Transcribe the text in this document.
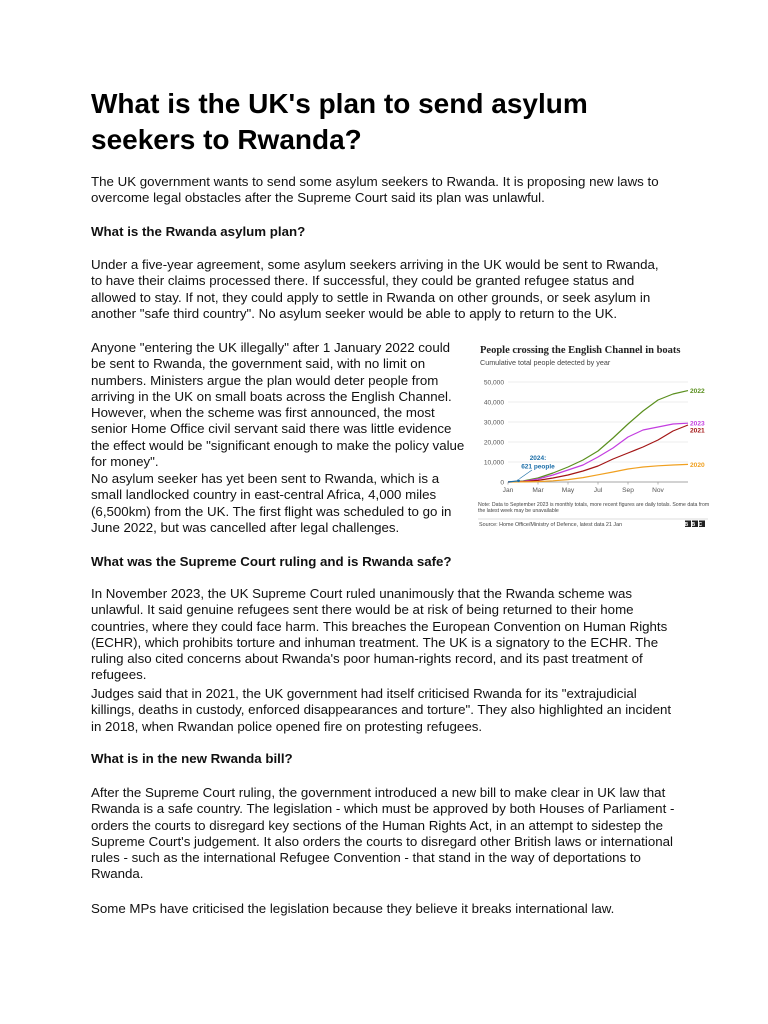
What is the UK's plan to send asylum seekers to Rwanda?

The UK government wants to send some asylum seekers to Rwanda. It is proposing new laws to overcome legal obstacles after the Supreme Court said its plan was unlawful.

What is the Rwanda asylum plan?

Under a five-year agreement, some asylum seekers arriving in the UK would be sent to Rwanda, to have their claims processed there. If successful, they could be granted refugee status and allowed to stay. If not, they could apply to settle in Rwanda on other grounds, or seek asylum in another "safe third country". No asylum seeker would be able to apply to return to the UK.

Anyone "entering the UK illegally" after 1 January 2022 could be sent to Rwanda, the government said, with no limit on numbers. Ministers argue the plan would deter people from arriving in the UK on small boats across the English Channel. However, when the scheme was first announced, the most senior Home Office civil servant said there was little evidence the effect would be "significant enough to make the policy value for money".

No asylum seeker has yet been sent to Rwanda, which is a small landlocked country in east-central Africa, 4,000 miles (6,500km) from the UK. The first flight was scheduled to go in June 2022, but was cancelled after legal challenges.

What was the Supreme Court ruling and is Rwanda safe?

In November 2023, the UK Supreme Court ruled unanimously that the Rwanda scheme was unlawful. It said genuine refugees sent there would be at risk of being returned to their home countries, where they could face harm. This breaches the European Convention on Human Rights (ECHR), which prohibits torture and inhuman treatment. The UK is a signatory to the ECHR. The ruling also cited concerns about Rwanda's poor human-rights record, and its past treatment of refugees.

Judges said that in 2021, the UK government had itself criticised Rwanda for its "extrajudicial killings, deaths in custody, enforced disappearances and torture". They also highlighted an incident in 2018, when Rwandan police opened fire on protesting refugees.

What is in the new Rwanda bill?

After the Supreme Court ruling, the government introduced a new bill to make clear in UK law that Rwanda is a safe country. The legislation - which must be approved by both Houses of Parliament - orders the courts to disregard key sections of the Human Rights Act, in an attempt to sidestep the Supreme Court's judgement. It also orders the courts to disregard other British laws or international rules - such as the international Refugee Convention - that stand in the way of deportations to Rwanda.

Some MPs have criticised the legislation because they believe it breaks international law.

People crossing the English Channel in boats
Cumulative total people detected by year
0
10,000
20,000
30,000
40,000
50,000
Jan	Mar	May	Jul	Sep	Nov
2022
2023
2021
2020
2024:
621 people
Note: Data to September 2023 is monthly totals, more recent figures are daily totals. Some data from the latest week may be unavailable
Source: Home Office/Ministry of Defence, latest data 21 Jan	BBC
